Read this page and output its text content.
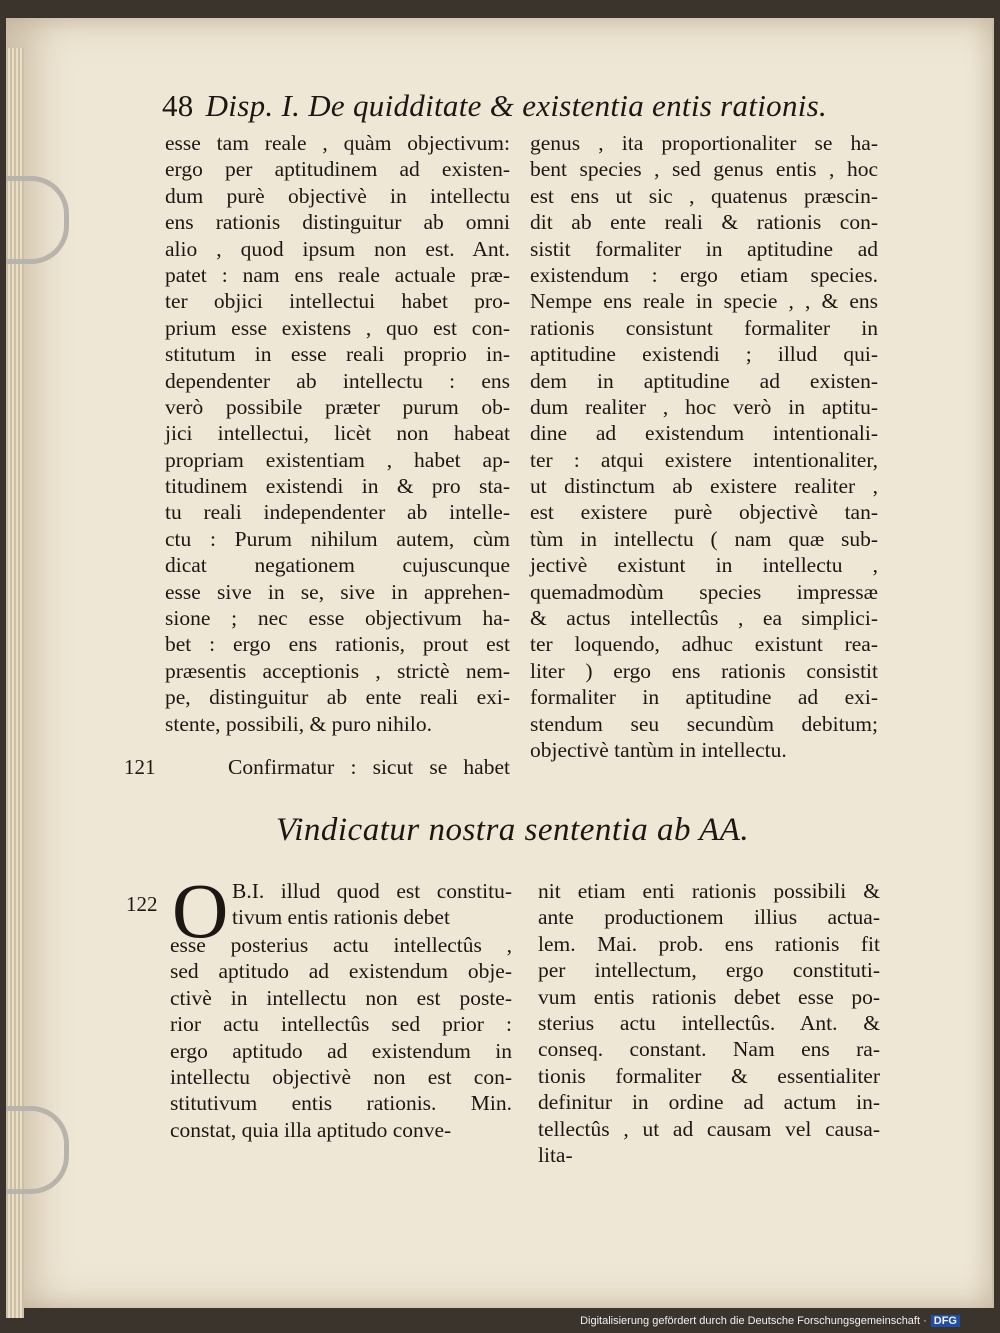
48 Disp. I. De quidditate & existentia entis rationis.
esse tam reale , quàm objectivum:
ergo per aptitudinem ad existen-
dum purè objectivè in intellectu
ens rationis distinguitur ab omni
alio , quod ipsum non est. Ant.
patet : nam ens reale actuale præ-
ter objici intellectui habet pro-
prium esse existens , quo est con-
stitutum in esse reali proprio in-
dependenter ab intellectu : ens
verò possibile præter purum ob-
jici intellectui, licèt non habeat
propriam existentiam , habet ap-
titudinem existendi in & pro sta-
tu reali independenter ab intelle-
ctu : Purum nihilum autem, cùm
dicat negationem cujuscunque
esse sive in se, sive in apprehen-
sione ; nec esse objectivum ha-
bet : ergo ens rationis, prout est
præsentis acceptionis , strictè nem-
pe, distinguitur ab ente reali exi-
stente, possibili, & puro nihilo.
genus , ita proportionaliter se ha-
bent species , sed genus entis , hoc
est ens ut sic , quatenus præscin-
dit ab ente reali & rationis con-
sistit formaliter in aptitudine ad
existendum : ergo etiam species.
Nempe ens reale in specie , , & ens
rationis consistunt formaliter in
aptitudine existendi ; illud qui-
dem in aptitudine ad existen-
dum realiter , hoc verò in aptitu-
dine ad existendum intentionali-
ter : atqui existere intentionaliter,
ut distinctum ab existere realiter ,
est existere purè objectivè tan-
tùm in intellectu ( nam quæ sub-
jectivè existunt in intellectu ,
quemadmodùm species impressæ
& actus intellectûs , ea simplici-
ter loquendo, adhuc existunt rea-
liter ) ergo ens rationis consistit
formaliter in aptitudine ad exi-
stendum seu secundùm debitum;
objectivè tantùm in intellectu.
121	Confirmatur : sicut se habet
Vindicatur nostra sententia ab AA.
122 O B.I. illud quod est constitu-
tivum entis rationis debet
esse posterius actu intellectûs ,
sed aptitudo ad existendum obje-
ctivè in intellectu non est poste-
rior actu intellectûs sed prior :
ergo aptitudo ad existendum in
intellectu objectivè non est con-
stitutivum entis rationis. Min.
constat, quia illa aptitudo conve-
nit etiam enti rationis possibili &
ante productionem illius actua-
lem. Mai. prob. ens rationis fit
per intellectum, ergo constituti-
vum entis rationis debet esse po-
sterius actu intellectûs. Ant. &
conseq. constant. Nam ens ra-
tionis formaliter & essentialiter
definitur in ordine ad actum in-
tellectûs , ut ad causam vel causa-
lita-
Digitalisierung gefördert durch die Deutsche Forschungsgemeinschaft · DFG
